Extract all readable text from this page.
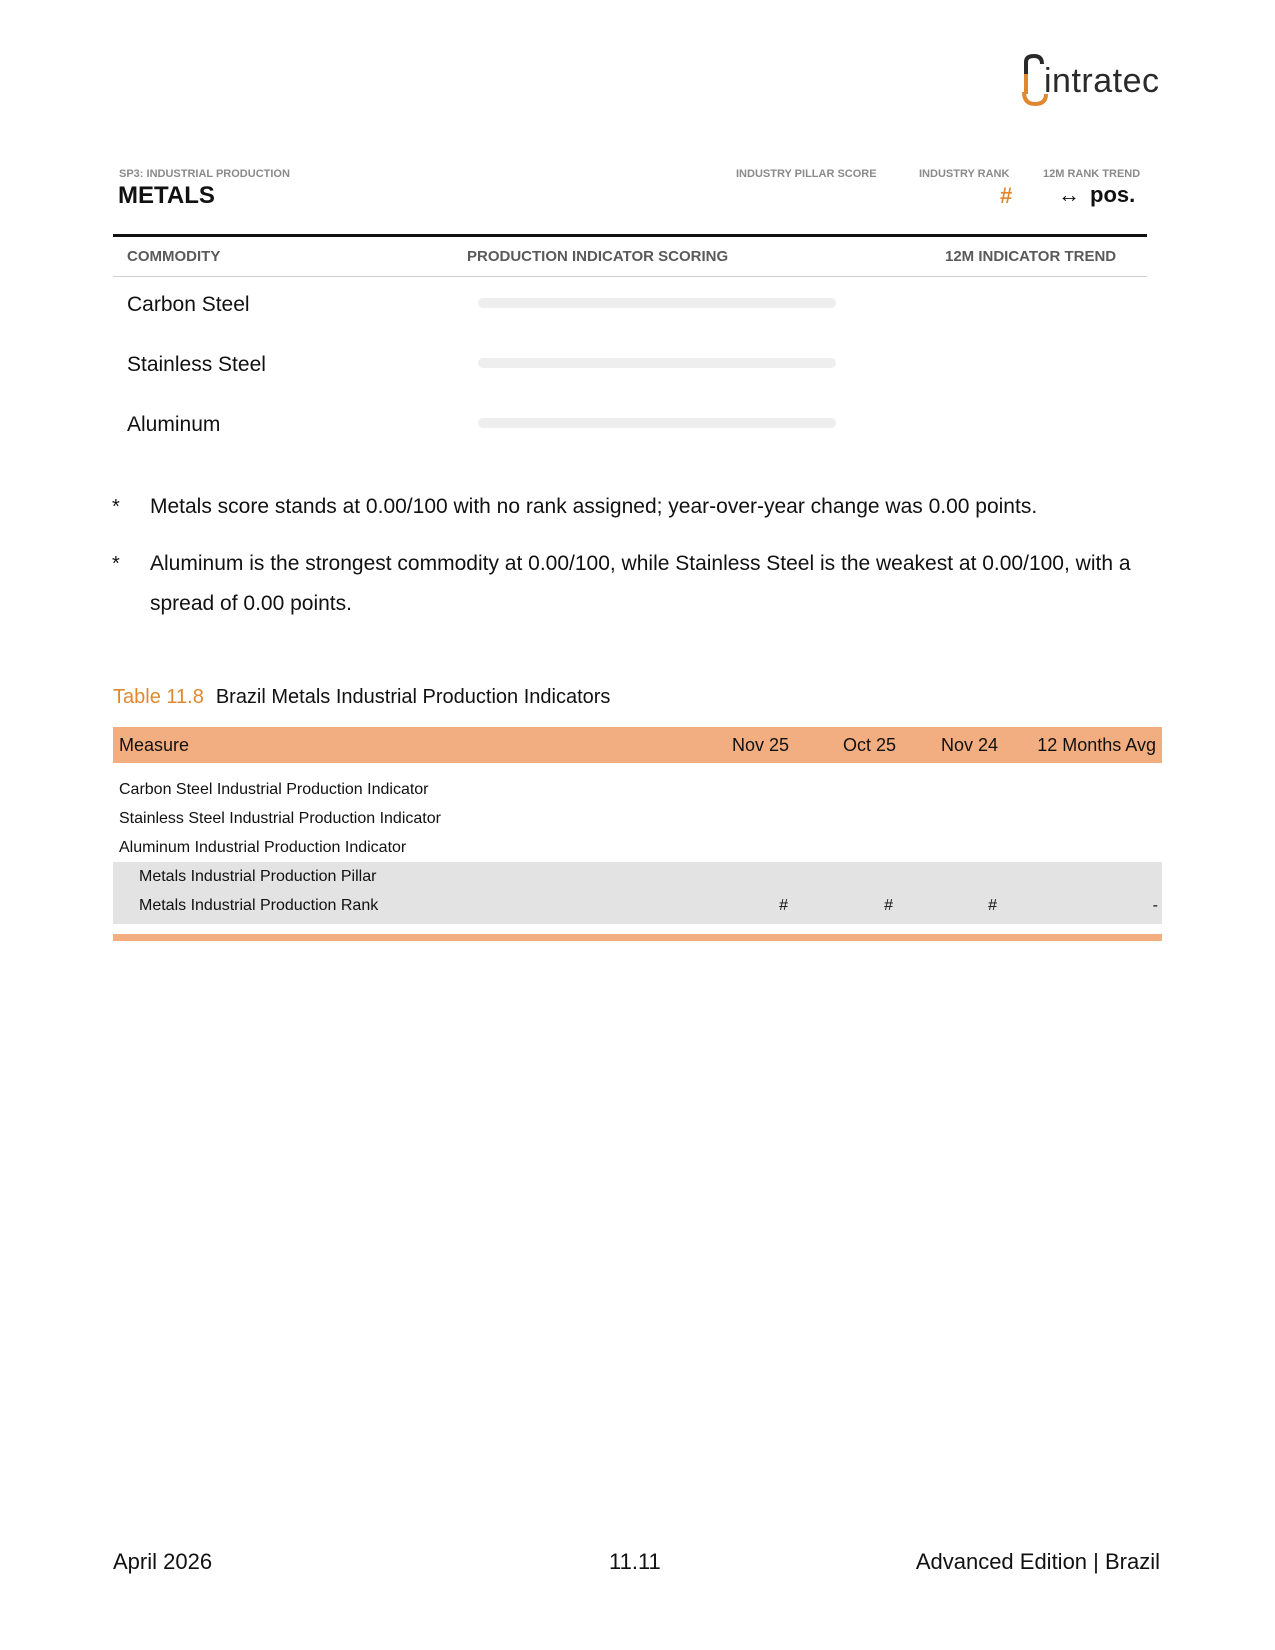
intratec
SP3: INDUSTRIAL PRODUCTION
METALS
INDUSTRY PILLAR SCORE	INDUSTRY RANK	12M RANK TREND
# ↔ pos.
COMMODITY	PRODUCTION INDICATOR SCORING	12M INDICATOR TREND
Carbon Steel
Stainless Steel
Aluminum
*	Metals score stands at 0.00/100 with no rank assigned; year-over-year change was 0.00 points.
*	Aluminum is the strongest commodity at 0.00/100, while Stainless Steel is the weakest at 0.00/100, with a spread of 0.00 points.
Table 11.8 Brazil Metals Industrial Production Indicators
Measure	Nov 25	Oct 25 Nov 24 12 Months Avg
Carbon Steel Industrial Production Indicator
Stainless Steel Industrial Production Indicator
Aluminum Industrial Production Indicator
Metals Industrial Production Pillar
Metals Industrial Production Rank	#	#	#	-
April 2026	11.11	Advanced Edition | Brazil
